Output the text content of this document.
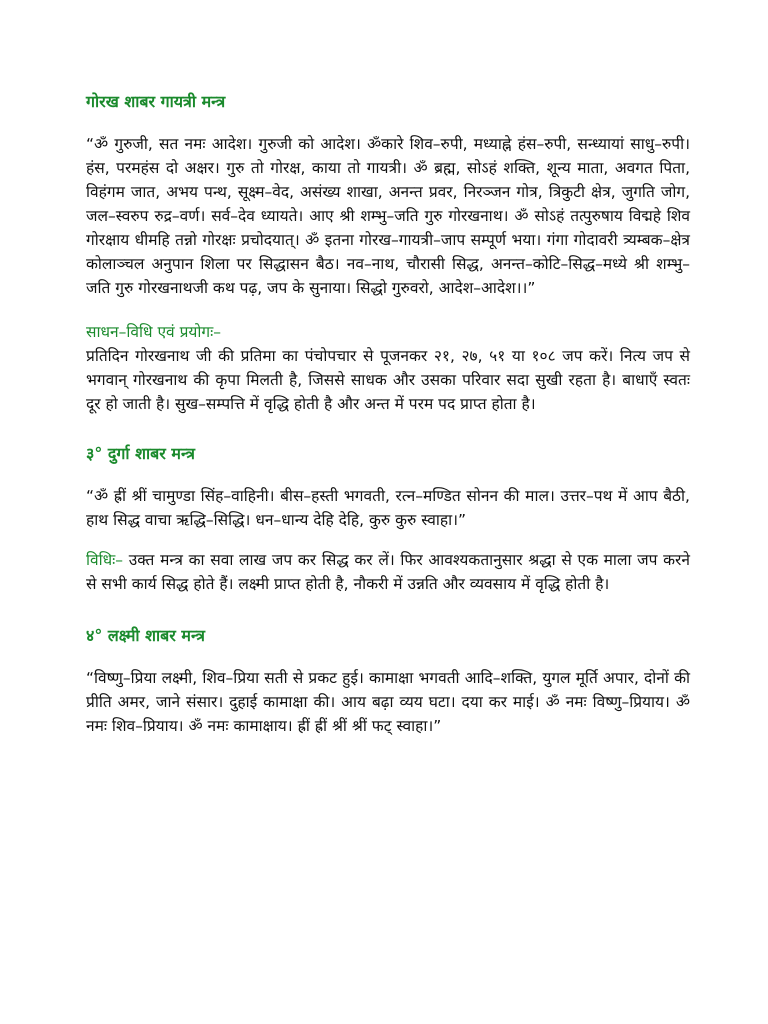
गोरख शाबर गायत्री मन्त्र

“ॐ गुरुजी, सत नमः आदेश। गुरुजी को आदेश। ॐकारे शिव–रुपी, मध्याह्ने हंस–रुपी, सन्ध्यायां साधु–रुपी। हंस, परमहंस दो अक्षर। गुरु तो गोरक्ष, काया तो गायत्री। ॐ ब्रह्म, सोऽहं शक्ति, शून्य माता, अवगत पिता, विहंगम जात, अभय पन्थ, सूक्ष्म–वेद, असंख्य शाखा, अनन्त प्रवर, निरञ्जन गोत्र, त्रिकुटी क्षेत्र, जुगति जोग, जल–स्वरुप रुद्र–वर्ण। सर्व–देव ध्यायते। आए श्री शम्भु–जति गुरु गोरखनाथ। ॐ सोऽहं तत्पुरुषाय विद्महे शिव गोरक्षाय धीमहि तन्नो गोरक्षः प्रचोदयात्। ॐ इतना गोरख–गायत्री–जाप सम्पूर्ण भया। गंगा गोदावरी त्र्यम्बक–क्षेत्र कोलाञ्चल अनुपान शिला पर सिद्धासन बैठ। नव–नाथ, चौरासी सिद्ध, अनन्त–कोटि–सिद्ध–मध्ये श्री शम्भु–जति गुरु गोरखनाथजी कथ पढ़, जप के सुनाया। सिद्धो गुरुवरो, आदेश–आदेश।।”

साधन–विधि एवं प्रयोगः–

प्रतिदिन गोरखनाथ जी की प्रतिमा का पंचोपचार से पूजनकर २१, २७, ५१ या १०८ जप करें। नित्य जप से भगवान् गोरखनाथ की कृपा मिलती है, जिससे साधक और उसका परिवार सदा सुखी रहता है। बाधाएँ स्वतः दूर हो जाती है। सुख–सम्पत्ति में वृद्धि होती है और अन्त में परम पद प्राप्त होता है।

३° दुर्गा शाबर मन्त्र

“ॐ ह्रीं श्रीं चामुण्डा सिंह–वाहिनी। बीस–हस्ती भगवती, रत्न–मण्डित सोनन की माल। उत्तर–पथ में आप बैठी, हाथ सिद्ध वाचा ऋद्धि–सिद्धि। धन–धान्य देहि देहि, कुरु कुरु स्वाहा।”

विधिः– उक्त मन्त्र का सवा लाख जप कर सिद्ध कर लें। फिर आवश्यकतानुसार श्रद्धा से एक माला जप करने से सभी कार्य सिद्ध होते हैं। लक्ष्मी प्राप्त होती है, नौकरी में उन्नति और व्यवसाय में वृद्धि होती है।

४° लक्ष्मी शाबर मन्त्र

“विष्णु–प्रिया लक्ष्मी, शिव–प्रिया सती से प्रकट हुई। कामाक्षा भगवती आदि–शक्ति, युगल मूर्ति अपार, दोनों की प्रीति अमर, जाने संसार। दुहाई कामाक्षा की। आय बढ़ा व्यय घटा। दया कर माई। ॐ नमः विष्णु–प्रियाय। ॐ नमः शिव–प्रियाय। ॐ नमः कामाक्षाय। ह्रीं ह्रीं श्रीं श्रीं फट् स्वाहा।”
